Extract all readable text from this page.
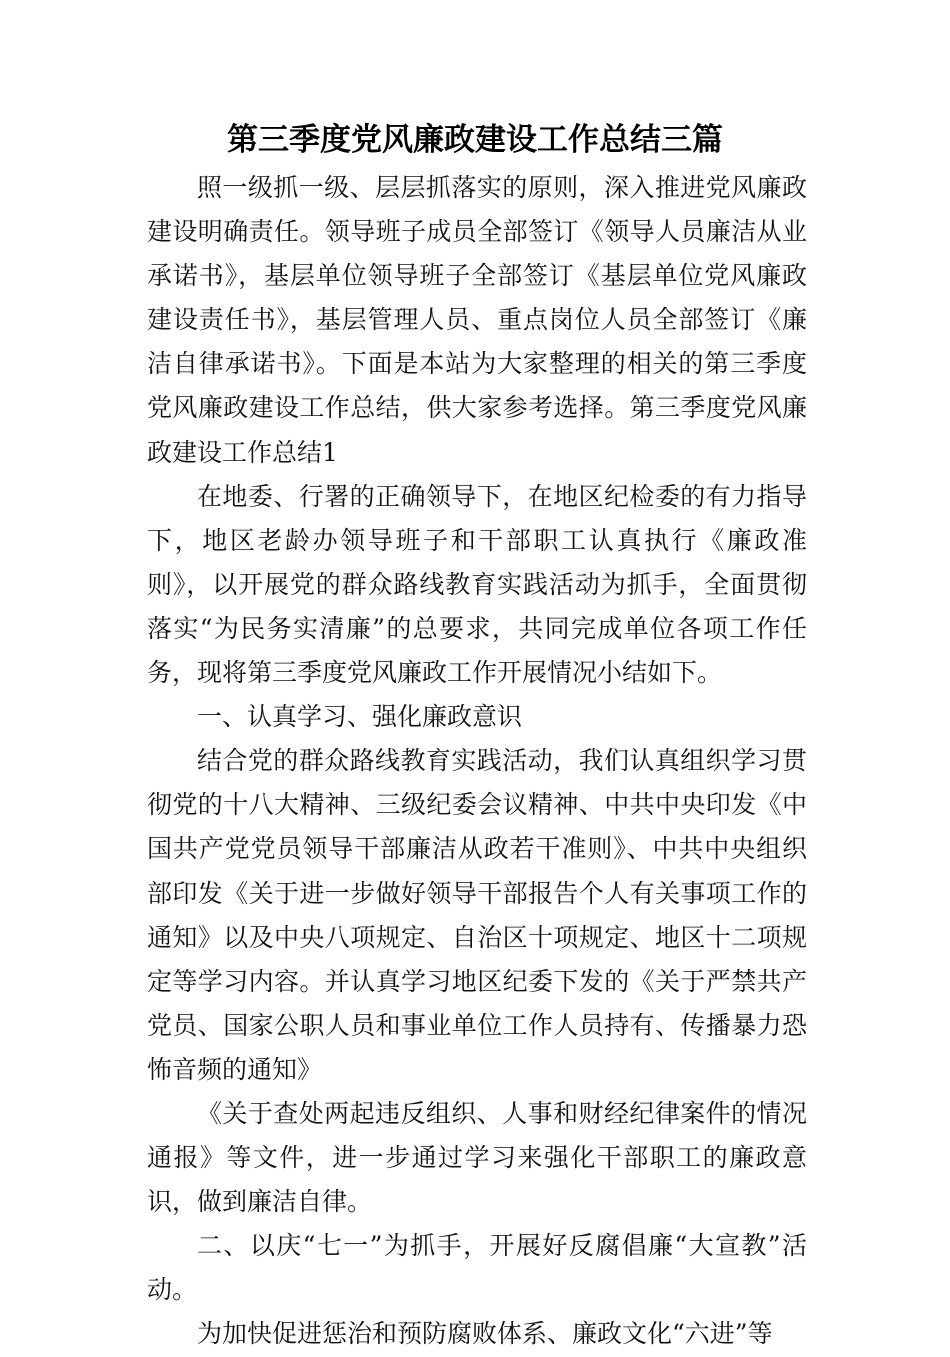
第三季度党风廉政建设工作总结三篇

照一级抓一级、层层抓落实的原则，深入推进党风廉政建设明确责任。领导班子成员全部签订《领导人员廉洁从业承诺书》，基层单位领导班子全部签订《基层单位党风廉政建设责任书》，基层管理人员、重点岗位人员全部签订《廉洁自律承诺书》。下面是本站为大家整理的相关的第三季度党风廉政建设工作总结，供大家参考选择。第三季度党风廉政建设工作总结1

在地委、行署的正确领导下，在地区纪检委的有力指导下，地区老龄办领导班子和干部职工认真执行《廉政准则》，以开展党的群众路线教育实践活动为抓手，全面贯彻落实“为民务实清廉”的总要求，共同完成单位各项工作任务，现将第三季度党风廉政工作开展情况小结如下。

一、认真学习、强化廉政意识

结合党的群众路线教育实践活动，我们认真组织学习贯彻党的十八大精神、三级纪委会议精神、中共中央印发《中国共产党党员领导干部廉洁从政若干准则》、中共中央组织部印发《关于进一步做好领导干部报告个人有关事项工作的通知》以及中央八项规定、自治区十项规定、地区十二项规定等学习内容。并认真学习地区纪委下发的《关于严禁共产党员、国家公职人员和事业单位工作人员持有、传播暴力恐怖音频的通知》

《关于查处两起违反组织、人事和财经纪律案件的情况通报》等文件，进一步通过学习来强化干部职工的廉政意识，做到廉洁自律。

二、以庆“七一”为抓手，开展好反腐倡廉“大宣教”活动。

为加快促进惩治和预防腐败体系、廉政文化“六进”等
